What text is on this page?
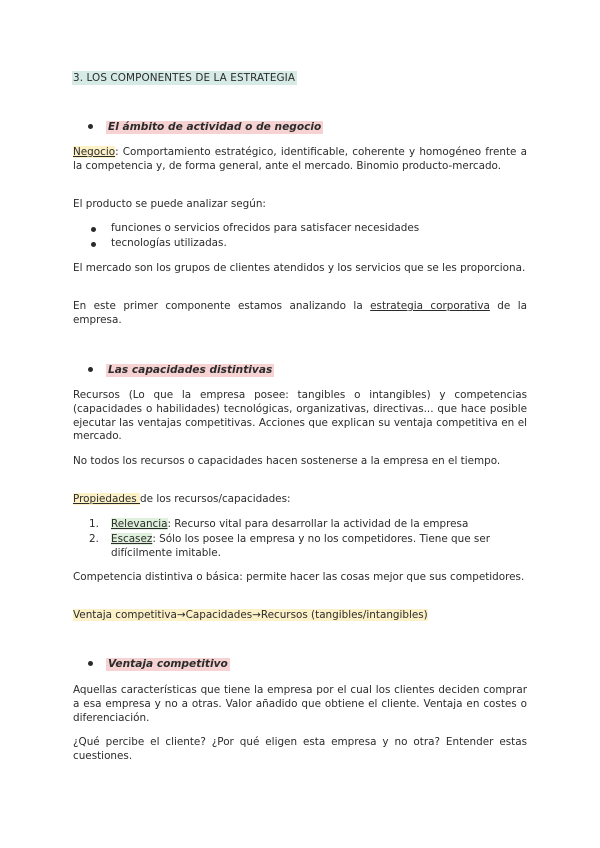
3. LOS COMPONENTES DE LA ESTRATEGIA
El ámbito de actividad o de negocio
Negocio: Comportamiento estratégico, identificable, coherente y homogéneo frente a la competencia y, de forma general, ante el mercado. Binomio producto-mercado.
El producto se puede analizar según:
funciones o servicios ofrecidos para satisfacer necesidades
tecnologías utilizadas.
El mercado son los grupos de clientes atendidos y los servicios que se les proporciona.
En este primer componente estamos analizando la estrategia corporativa de la empresa.
Las capacidades distintivas
Recursos (Lo que la empresa posee: tangibles o intangibles) y competencias (capacidades o habilidades) tecnológicas, organizativas, directivas... que hace posible ejecutar las ventajas competitivas. Acciones que explican su ventaja competitiva en el mercado.
No todos los recursos o capacidades hacen sostenerse a la empresa en el tiempo.
Propiedades de los recursos/capacidades:
1. Relevancia: Recurso vital para desarrollar la actividad de la empresa
2. Escasez: Sólo los posee la empresa y no los competidores. Tiene que ser difícilmente imitable.
Competencia distintiva o básica: permite hacer las cosas mejor que sus competidores.
Ventaja competitiva→Capacidades→Recursos (tangibles/intangibles)
Ventaja competitivo
Aquellas características que tiene la empresa por el cual los clientes deciden comprar a esa empresa y no a otras. Valor añadido que obtiene el cliente. Ventaja en costes o diferenciación.
¿Qué percibe el cliente? ¿Por qué eligen esta empresa y no otra? Entender estas cuestiones.
